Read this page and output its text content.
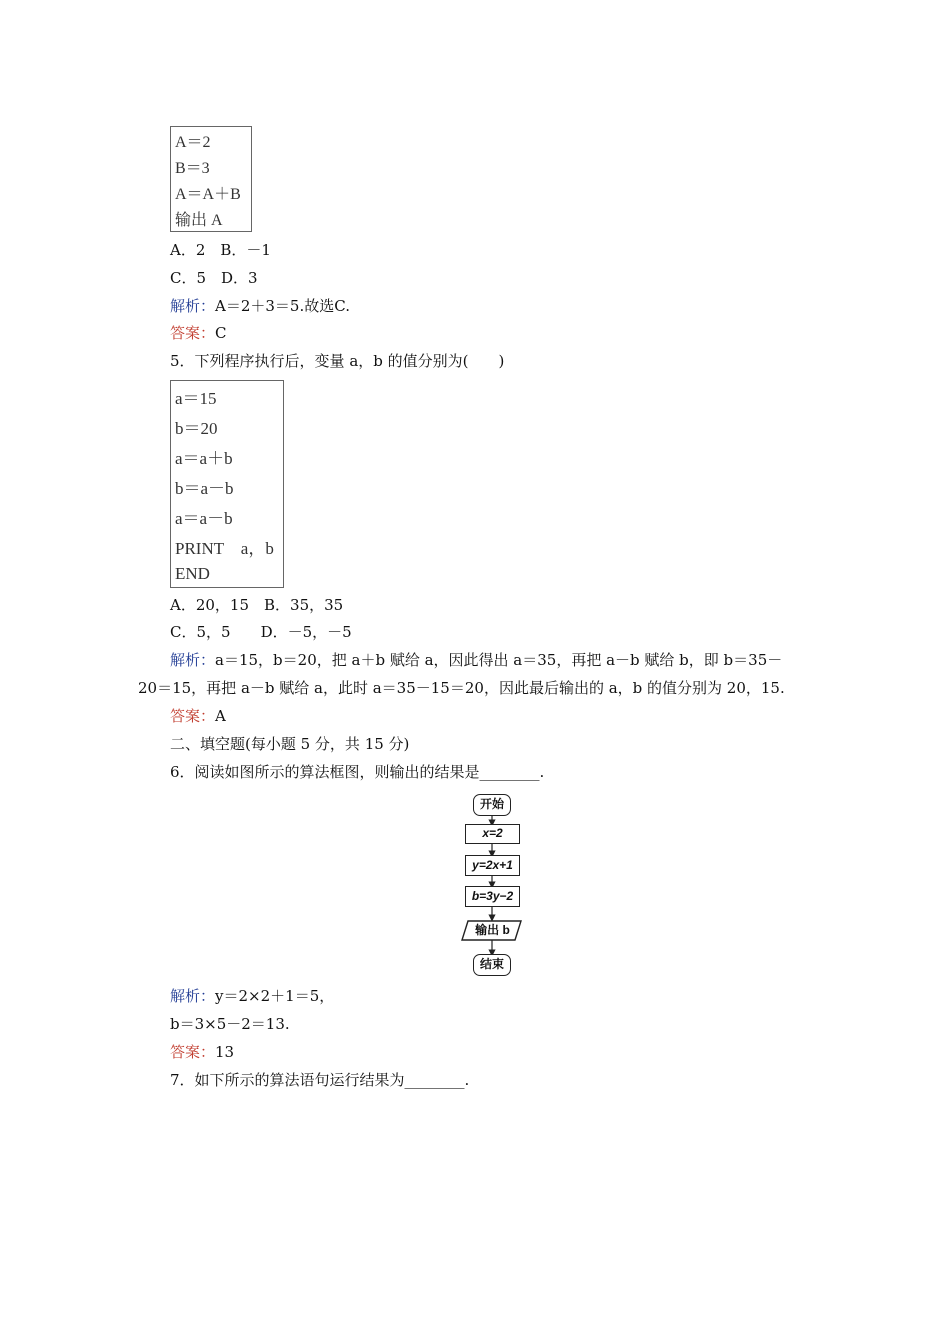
A＝2
B＝3
A＝A＋B
输出 A
A．2　B．－1
C．5　D．3
解析：A＝2＋3＝5.故选C.
答案：C
5．下列程序执行后，变量 a，b 的值分别为(　　)
a＝15
b＝20
a＝a＋b
b＝a－b
a＝a－b
PRINT　a，b
END
A．20，15　B．35，35
C．5，5　　D．－5，－5
解析：a＝15，b＝20，把 a＋b 赋给 a，因此得出 a＝35，再把 a－b 赋给 b，即 b＝35－
20＝15，再把 a－b 赋给 a，此时 a＝35－15＝20，因此最后输出的 a，b 的值分别为 20，15.
答案：A
二、填空题(每小题 5 分，共 15 分)
6．阅读如图所示的算法框图，则输出的结果是________.
开始
x=2
y=2x+1
b=3y−2
输出 b
结束
解析：y＝2×2＋1＝5，
b＝3×5－2＝13.
答案：13
7．如下所示的算法语句运行结果为________.
